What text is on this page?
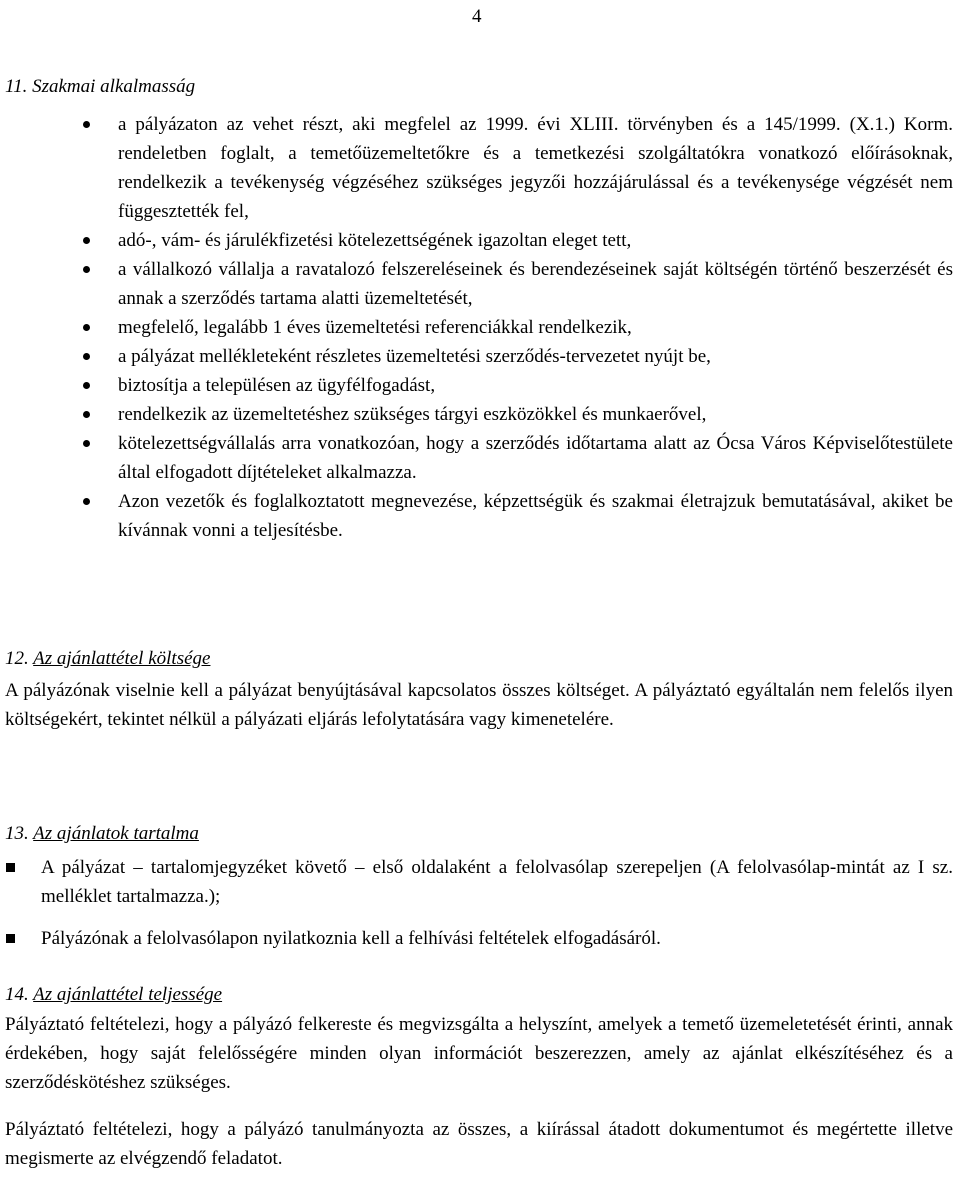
4
11. Szakmai alkalmasság
a pályázaton az vehet részt, aki megfelel az 1999. évi XLIII. törvényben és a 145/1999. (X.1.) Korm. rendeletben foglalt, a temetőüzemeltetőkre és a temetkezési szolgáltatókra vonatkozó előírásoknak, rendelkezik a tevékenység végzéséhez szükséges jegyzői hozzájárulással és a tevékenysége végzését nem függesztették fel,
adó-, vám- és járulékfizetési kötelezettségének igazoltan eleget tett,
a vállalkozó vállalja a ravatalozó felszereléseinek és berendezéseinek saját költségén történő beszerzését és annak a szerződés tartama alatti üzemeltetését,
megfelelő, legalább 1 éves üzemeltetési referenciákkal rendelkezik,
a pályázat mellékleteként részletes üzemeltetési szerződés-tervezetet nyújt be,
biztosítja a településen az ügyfélfogadást,
rendelkezik az üzemeltetéshez szükséges tárgyi eszközökkel és munkaerővel,
kötelezettségvállalás arra vonatkozóan, hogy a szerződés időtartama alatt az Ócsa Város Képviselőtestülete által elfogadott díjtételeket alkalmazza.
Azon vezetők és foglalkoztatott megnevezése, képzettségük és szakmai életrajzuk bemutatásával, akiket be kívánnak vonni a teljesítésbe.
12. Az ajánlattétel költsége

A pályázónak viselnie kell a pályázat benyújtásával kapcsolatos összes költséget. A pályáztató egyáltalán nem felelős ilyen költségekért, tekintet nélkül a pályázati eljárás lefolytatására vagy kimenetelére.

13. Az ajánlatok tartalma
A pályázat – tartalomjegyzéket követő – első oldalaként a felolvasólap szerepeljen (A felolvasólap-mintát az I sz. melléklet tartalmazza.);
Pályázónak a felolvasólapon nyilatkoznia kell a felhívási feltételek elfogadásáról.
14. Az ajánlattétel teljessége

Pályáztató feltételezi, hogy a pályázó felkereste és megvizsgálta a helyszínt, amelyek a temető üzemeletetését érinti, annak érdekében, hogy saját felelősségére minden olyan információt beszerezzen, amely az ajánlat elkészítéséhez és a szerződéskötéshez szükséges.

Pályáztató feltételezi, hogy a pályázó tanulmányozta az összes, a kiírással átadott dokumentumot és megértette illetve megismerte az elvégzendő feladatot.
